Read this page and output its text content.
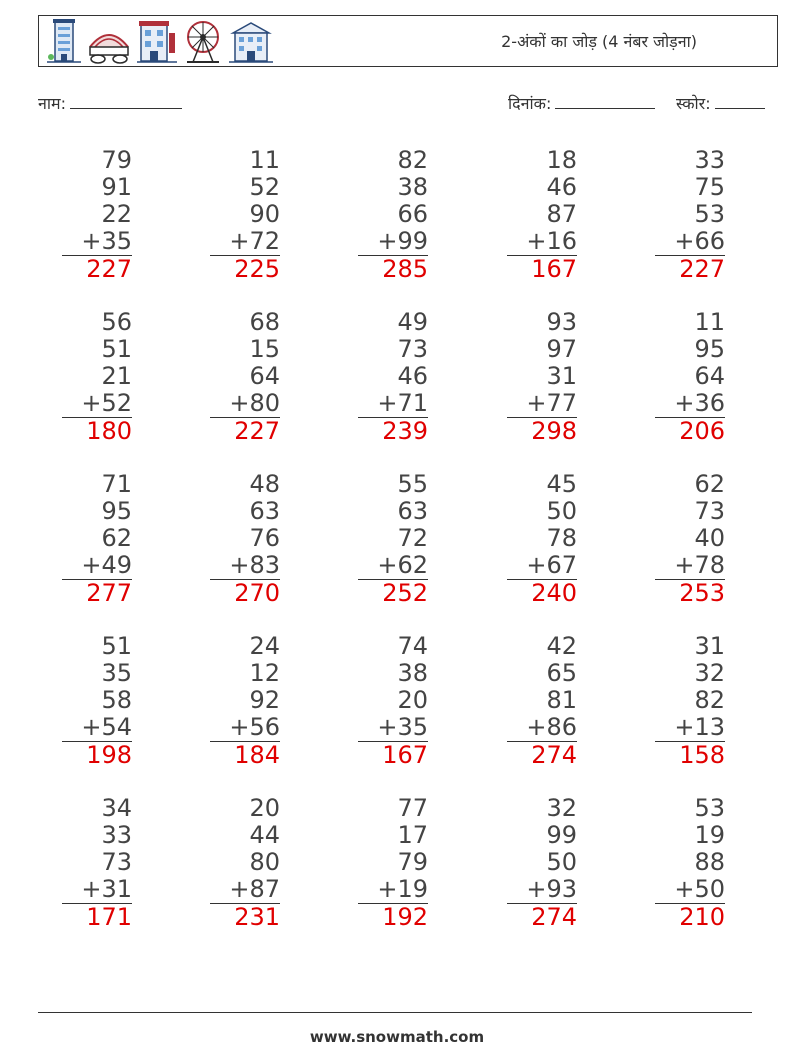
2-अंकों का जोड़ (4 नंबर जोड़ना)
नाम:	दिनांक:	स्कोर:
79
91
22
+35
227
11
52
90
+72
225
82
38
66
+99
285
18
46
87
+16
167
33
75
53
+66
227
56
51
21
+52
180
68
15
64
+80
227
49
73
46
+71
239
93
97
31
+77
298
11
95
64
+36
206
71
95
62
+49
277
48
63
76
+83
270
55
63
72
+62
252
45
50
78
+67
240
62
73
40
+78
253
51
35
58
+54
198
24
12
92
+56
184
74
38
20
+35
167
42
65
81
+86
274
31
32
82
+13
158
34
33
73
+31
171
20
44
80
+87
231
77
17
79
+19
192
32
99
50
+93
274
53
19
88
+50
210
www.snowmath.com
